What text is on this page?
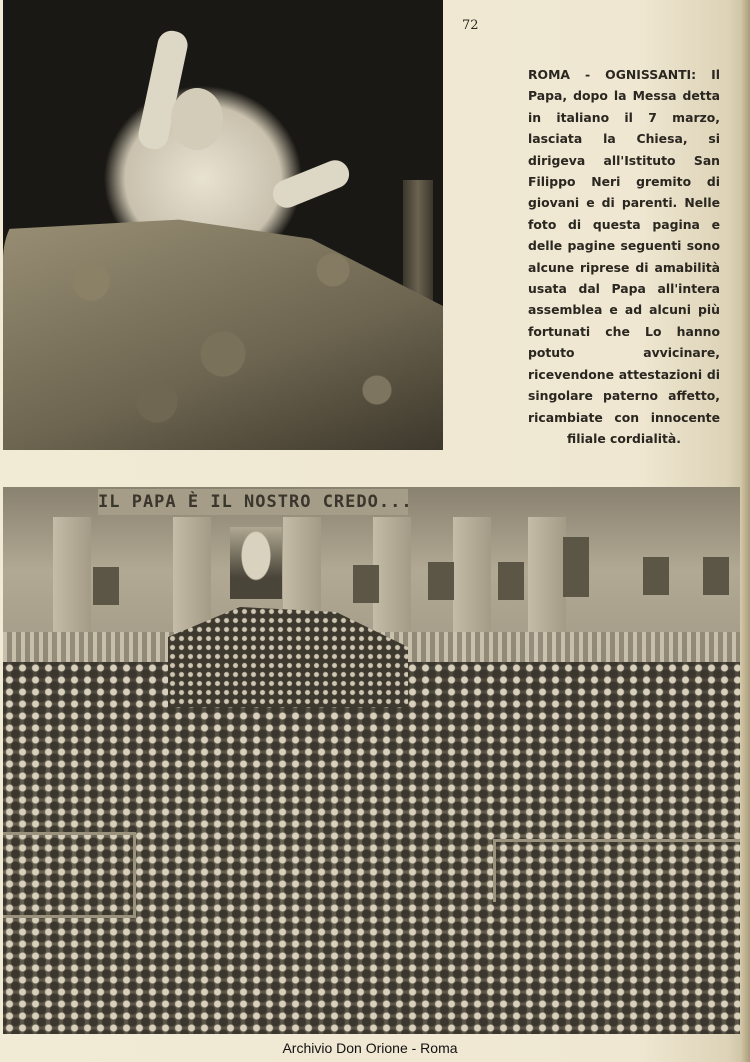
72
ROMA - OGNISSANTI: Il Papa, dopo la Messa detta in italiano il 7 marzo, lasciata la Chiesa, si dirigeva all'Istituto San Filippo Neri gremito di giovani e di parenti. Nelle foto di questa pagina e delle pagine seguenti sono alcune riprese di amabilità usata dal Papa all'intera assemblea e ad alcuni più fortunati che Lo hanno potuto avvicinare, ricevendone attestazioni di singolare paterno affetto, ricambiate con innocente filiale cordialità.
IL PAPA È IL NOSTRO CREDO...
Archivio Don Orione - Roma
